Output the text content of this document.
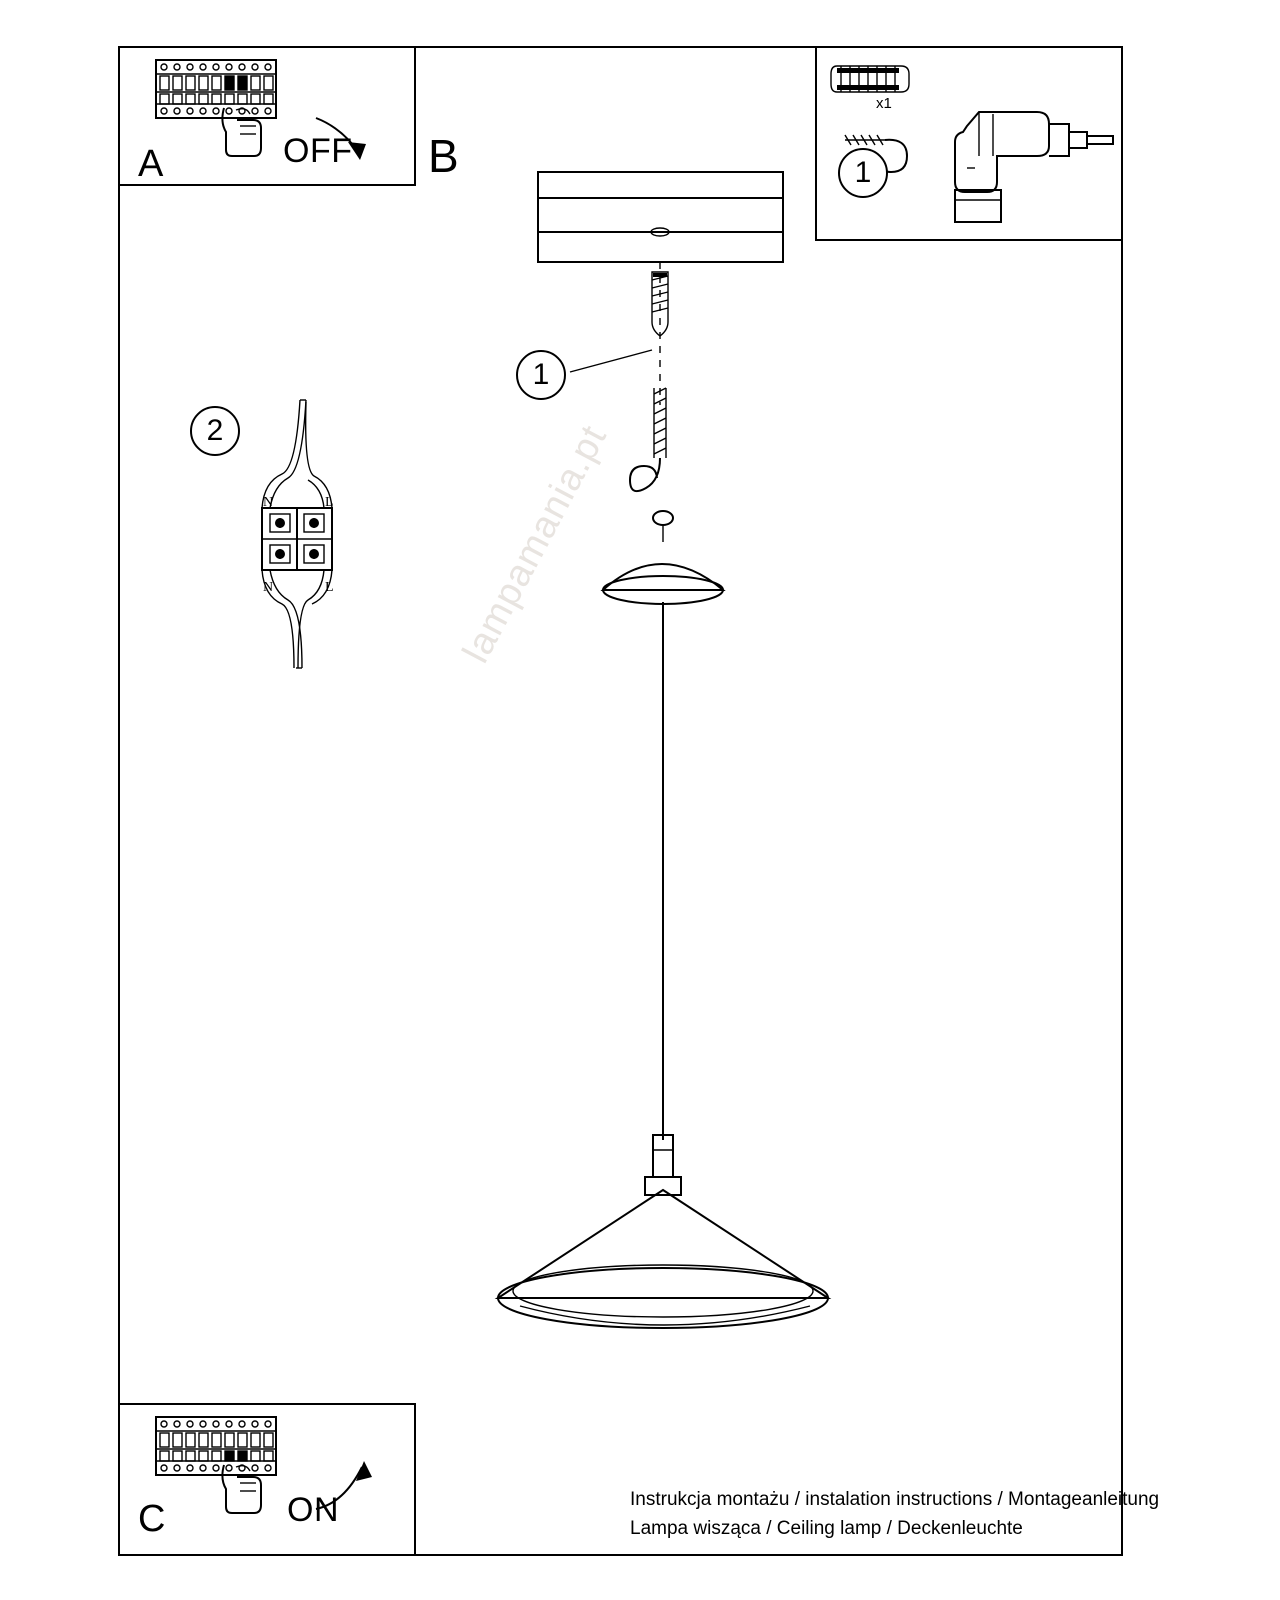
A	OFF B	1
x1
1
2
N	L
N	L	lampamania.pt
C	ON	Instrukcja montażu / instalation instructions / Montageanleitung
Lampa wisząca / Ceiling lamp / Deckenleuchte
